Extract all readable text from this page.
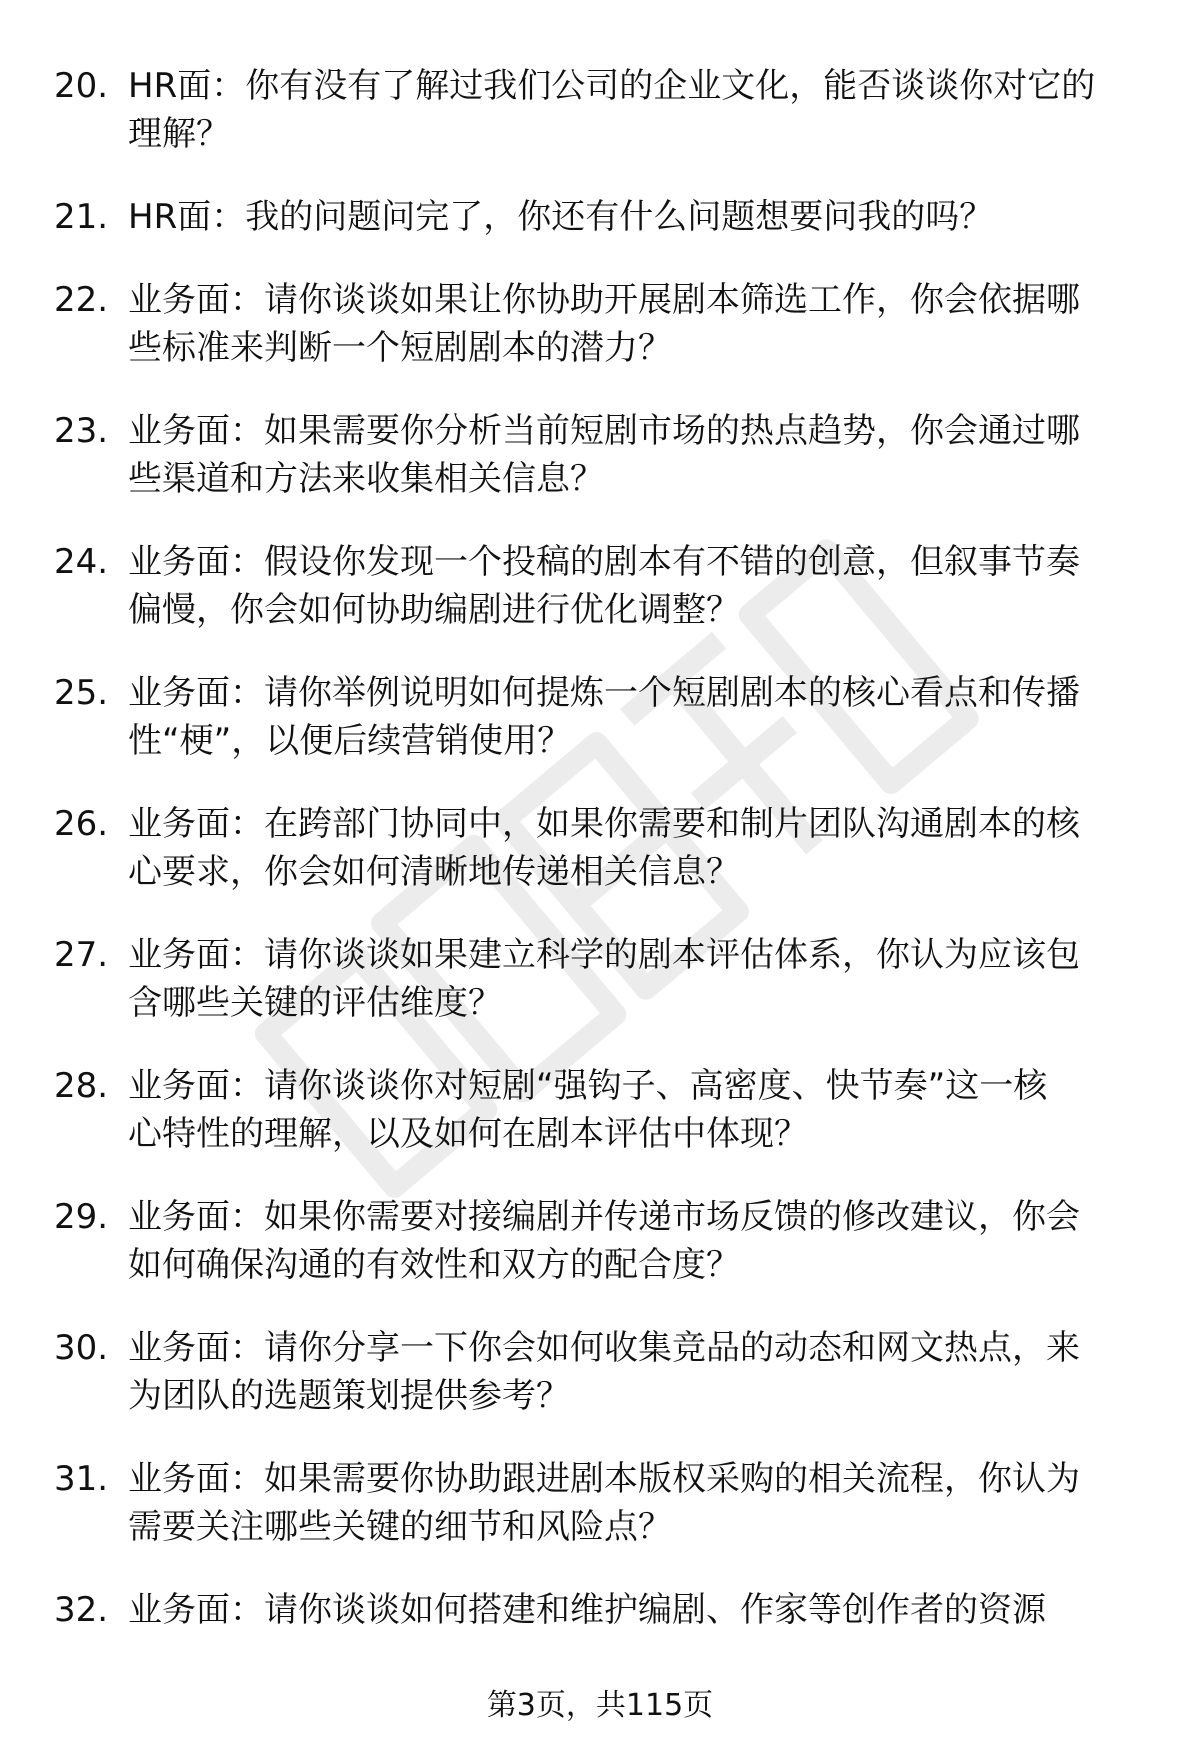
20. HR面：你有没有了解过我们公司的企业文化，能否谈谈你对它的
理解？
21. HR面：我的问题问完了，你还有什么问题想要问我的吗？
22. 业务面：请你谈谈如果让你协助开展剧本筛选工作，你会依据哪
些标准来判断一个短剧剧本的潜力？
23. 业务面：如果需要你分析当前短剧市场的热点趋势，你会通过哪
些渠道和方法来收集相关信息？
24. 业务面：假设你发现一个投稿的剧本有不错的创意，但叙事节奏
偏慢，你会如何协助编剧进行优化调整？
25. 业务面：请你举例说明如何提炼一个短剧剧本的核心看点和传播
性“梗”，以便后续营销使用？
26. 业务面：在跨部门协同中，如果你需要和制片团队沟通剧本的核
心要求，你会如何清晰地传递相关信息？
27. 业务面：请你谈谈如果建立科学的剧本评估体系，你认为应该包
含哪些关键的评估维度？
28. 业务面：请你谈谈你对短剧“强钩子、高密度、快节奏”这一核
心特性的理解，以及如何在剧本评估中体现？
29. 业务面：如果你需要对接编剧并传递市场反馈的修改建议，你会
如何确保沟通的有效性和双方的配合度？
30. 业务面：请你分享一下你会如何收集竞品的动态和网文热点，来
为团队的选题策划提供参考？
31. 业务面：如果需要你协助跟进剧本版权采购的相关流程，你认为
需要关注哪些关键的细节和风险点？
32. 业务面：请你谈谈如何搭建和维护编剧、作家等创作者的资源
第3页，共115页
